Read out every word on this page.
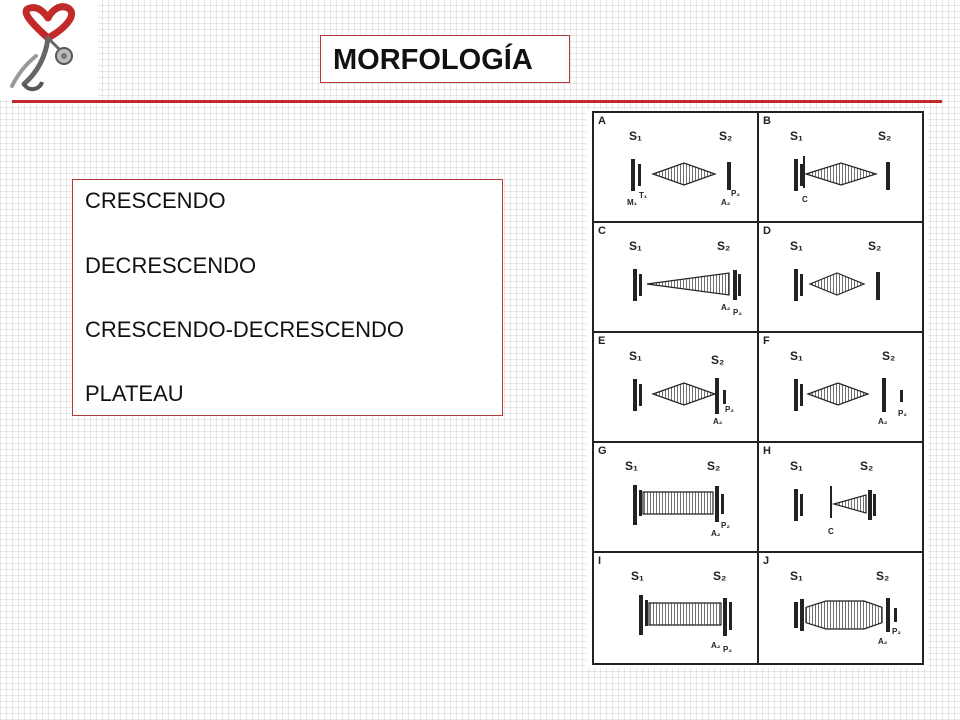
MORFOLOGÍA
CRESCENDO
DECRESCENDO
CRESCENDO-DECRESCENDO
PLATEAU
A
S₁	S₂
T₁
M₁
P₂
A₂
B
S₁	S₂
C
C
S₁	S₂
A₂
P₂
D
S₁	S₂
E
S₁	S₂
P₂
A₂
F
S₁	S₂
A₂
P₂
G
S₁	S₂
P₂
A₂
H
S₁	S₂
C
I
S₁	S₂
A₂ P₂
J
S₁	S₂
P₂
A₂
